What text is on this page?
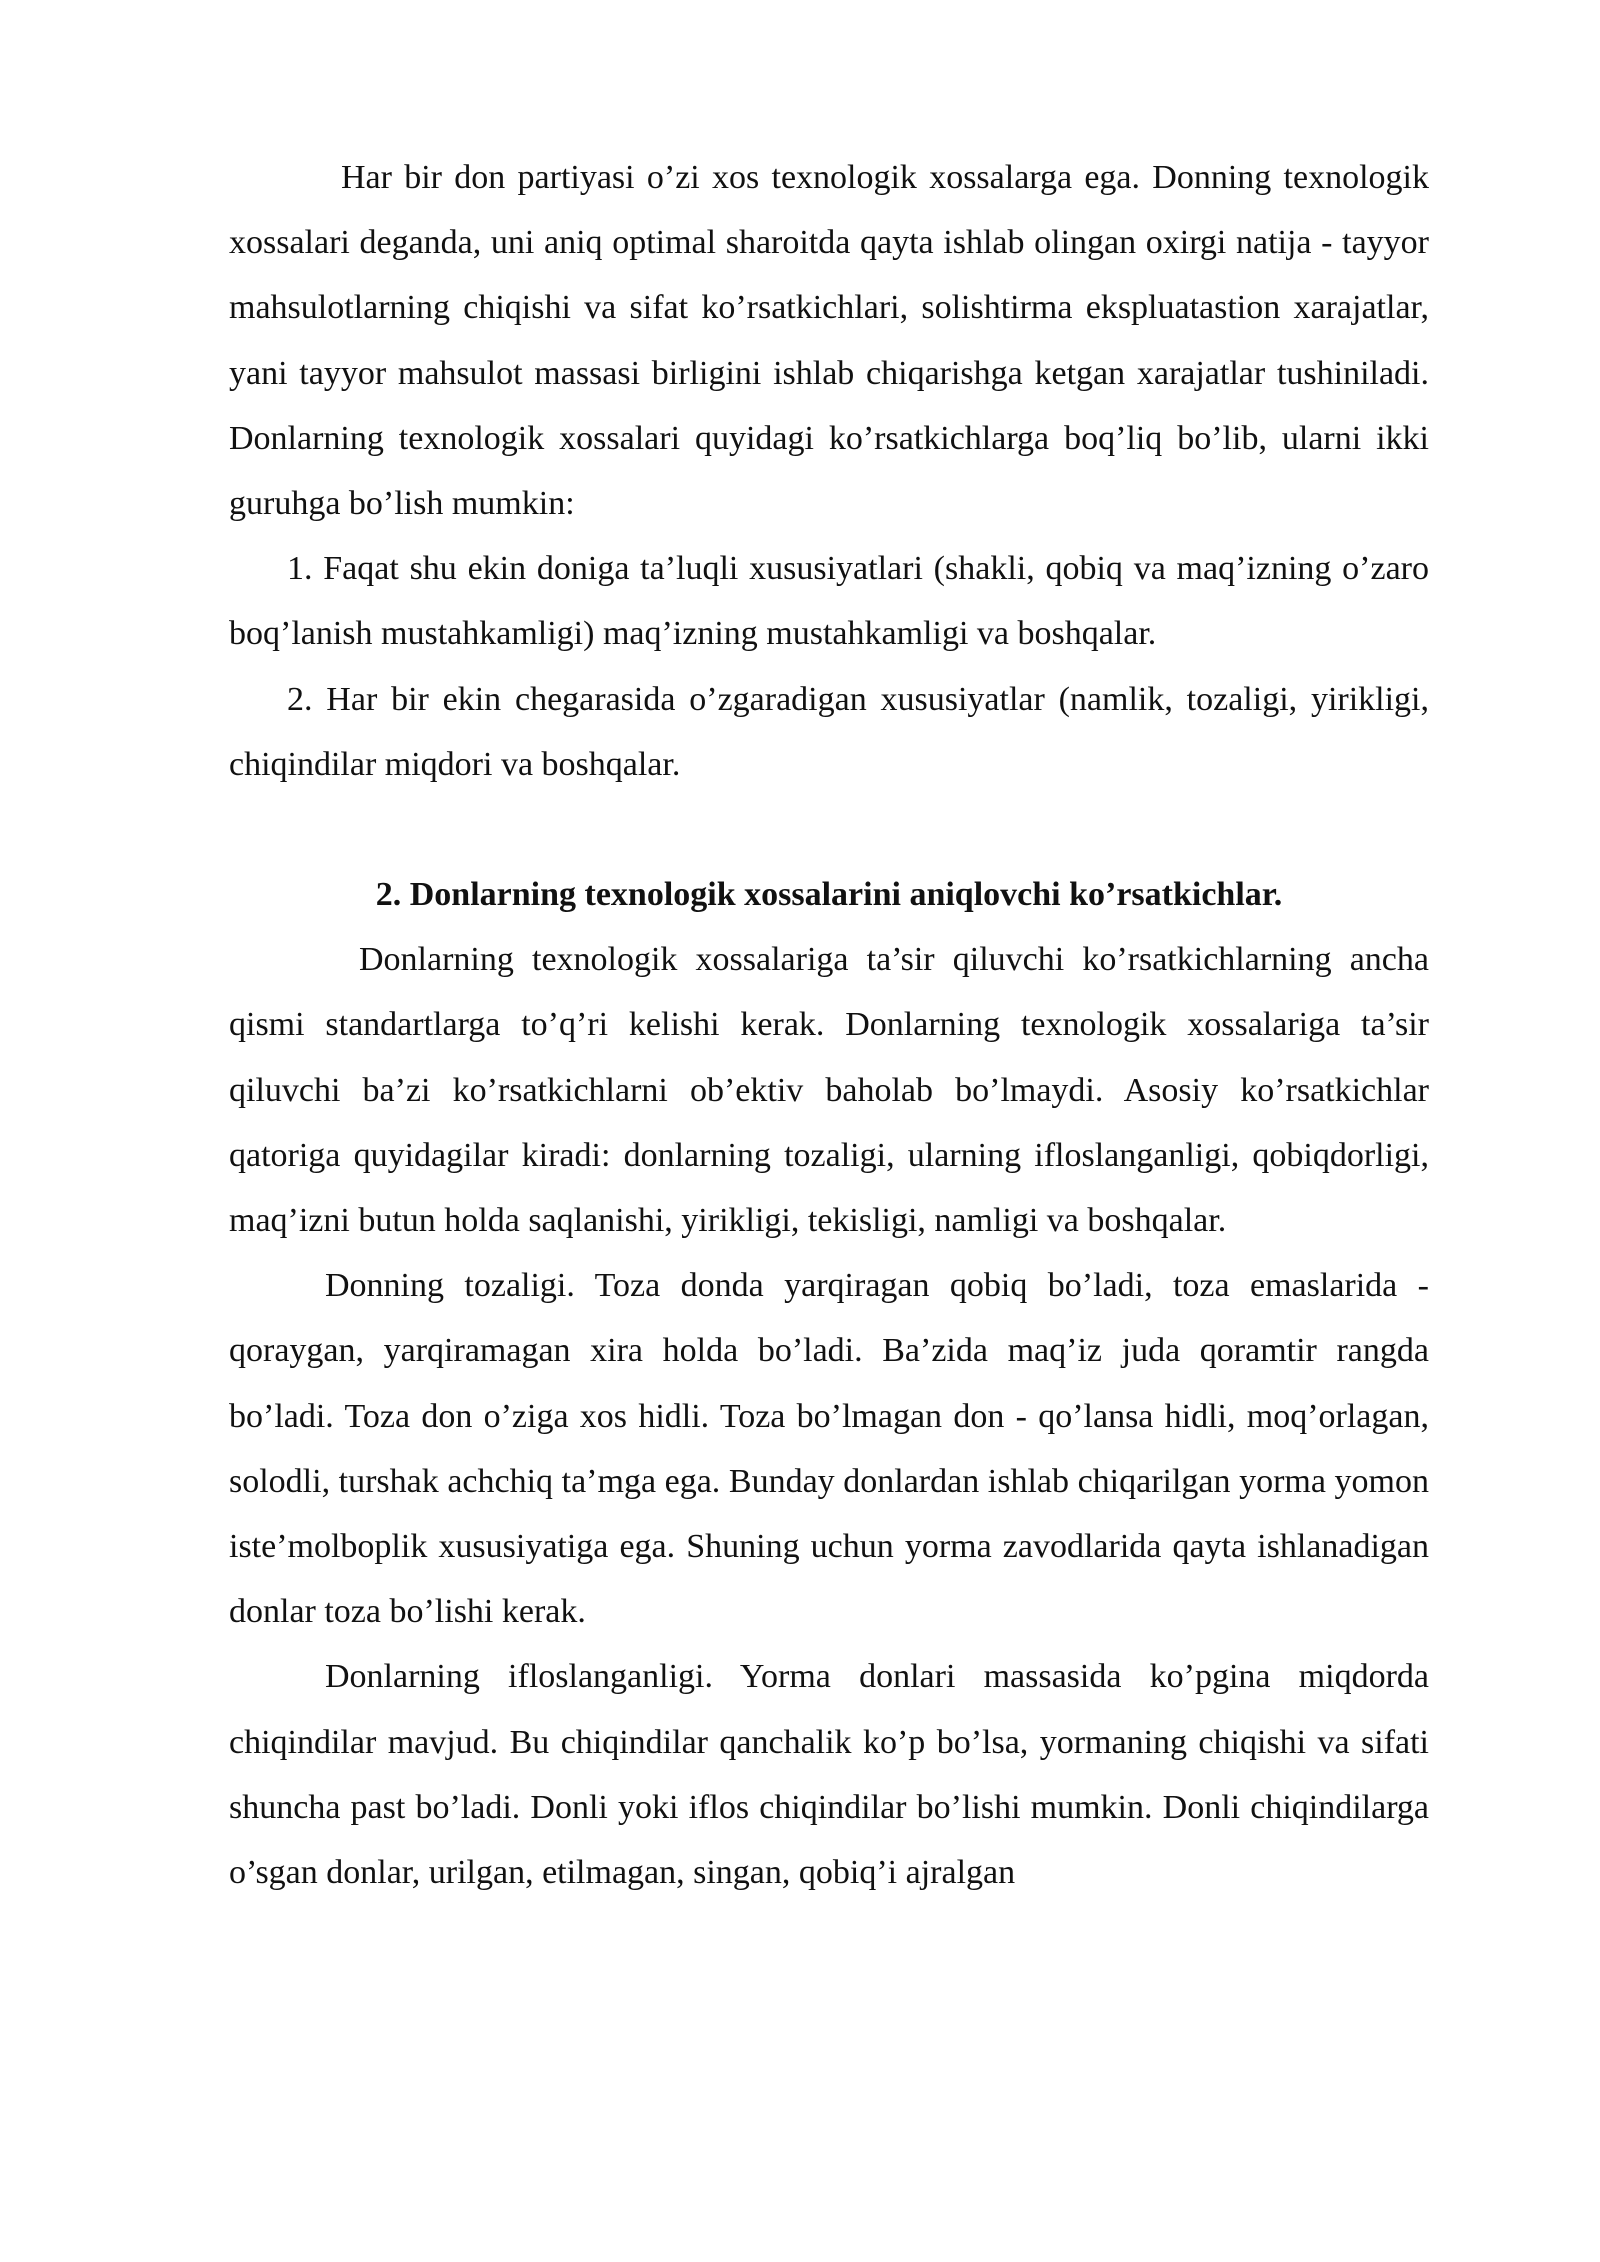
Har bir don partiyasi o’zi xos texnologik xossalarga ega. Donning texnologik xossalari deganda, uni aniq optimal sharoitda qayta ishlab olingan oxirgi natija - tayyor mahsulotlarning chiqishi va sifat ko’rsatkichlari, solishtirma ekspluatastion xarajatlar, yani tayyor mahsulot massasi birligini ishlab chiqarishga ketgan xarajatlar tushiniladi. Donlarning texnologik xossalari quyidagi ko’rsatkichlarga boq’liq bo’lib, ularni ikki guruhga bo’lish mumkin:

1. Faqat shu ekin doniga ta’luqli xususiyatlari (shakli, qobiq va maq’izning o’zaro boq’lanish mustahkamligi) maq’izning mustahkamligi va boshqalar.

2. Har bir ekin chegarasida o’zgaradigan xususiyatlar (namlik, tozaligi, yirikligi, chiqindilar miqdori va boshqalar.

2. Donlarning texnologik xossalarini aniqlovchi ko’rsatkichlar.

Donlarning texnologik xossalariga ta’sir qiluvchi ko’rsatkichlarning ancha qismi standartlarga to’q’ri kelishi kerak. Donlarning texnologik xossalariga ta’sir qiluvchi ba’zi ko’rsatkichlarni ob’ektiv baholab bo’lmaydi. Asosiy ko’rsatkichlar qatoriga quyidagilar kiradi: donlarning tozaligi, ularning ifloslanganligi, qobiqdorligi, maq’izni butun holda saqlanishi, yirikligi, tekisligi, namligi va boshqalar.

Donning tozaligi. Toza donda yarqiragan qobiq bo’ladi, toza emaslarida - qoraygan, yarqiramagan xira holda bo’ladi. Ba’zida maq’iz juda qoramtir rangda bo’ladi. Toza don o’ziga xos hidli. Toza bo’lmagan don - qo’lansa hidli, moq’orlagan, solodli, turshak achchiq ta’mga ega. Bunday donlardan ishlab chiqarilgan yorma yomon iste’molboplik xususiyatiga ega. Shuning uchun yorma zavodlarida qayta ishlanadigan donlar toza bo’lishi kerak.

Donlarning ifloslanganligi. Yorma donlari massasida ko’pgina miqdorda chiqindilar mavjud. Bu chiqindilar qanchalik ko’p bo’lsa, yormaning chiqishi va sifati shuncha past bo’ladi. Donli yoki iflos chiqindilar bo’lishi mumkin. Donli chiqindilarga o’sgan donlar, urilgan, etilmagan, singan, qobiq’i ajralgan
